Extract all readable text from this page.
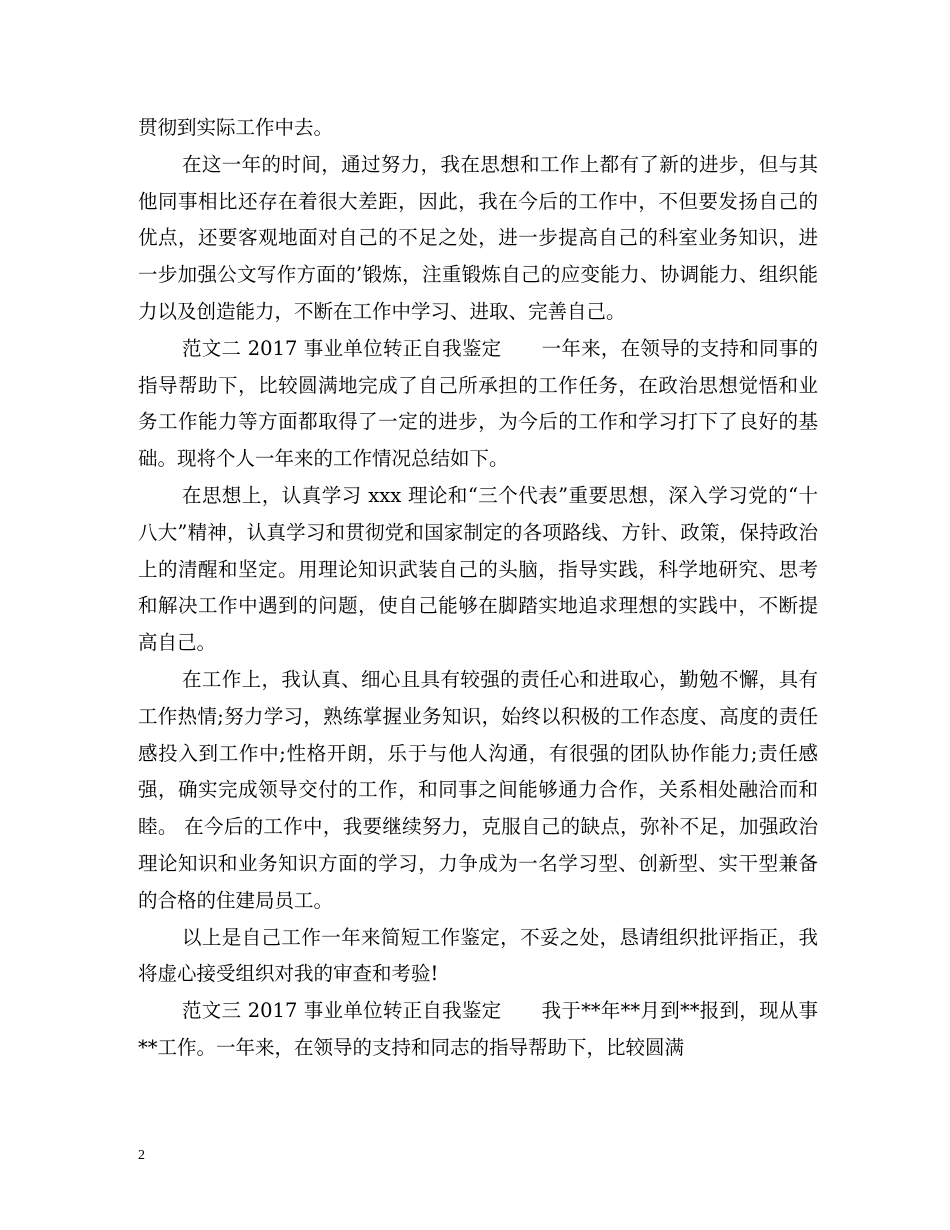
贯彻到实际工作中去。

在这一年的时间，通过努力，我在思想和工作上都有了新的进步，但与其他同事相比还存在着很大差距，因此，我在今后的工作中，不但要发扬自己的优点，还要客观地面对自己的不足之处，进一步提高自己的科室业务知识，进一步加强公文写作方面的’锻炼，注重锻炼自己的应变能力、协调能力、组织能力以及创造能力，不断在工作中学习、进取、完善自己。

范文二 2017 事业单位转正自我鉴定 一年来，在领导的支持和同事的指导帮助下，比较圆满地完成了自己所承担的工作任务，在政治思想觉悟和业务工作能力等方面都取得了一定的进步，为今后的工作和学习打下了良好的基础。现将个人一年来的工作情况总结如下。

在思想上，认真学习 xxx 理论和“三个代表”重要思想，深入学习党的“十八大”精神，认真学习和贯彻党和国家制定的各项路线、方针、政策，保持政治上的清醒和坚定。用理论知识武装自己的头脑，指导实践，科学地研究、思考和解决工作中遇到的问题，使自己能够在脚踏实地追求理想的实践中，不断提高自己。

在工作上，我认真、细心且具有较强的责任心和进取心，勤勉不懈，具有工作热情;努力学习，熟练掌握业务知识，始终以积极的工作态度、高度的责任感投入到工作中;性格开朗，乐于与他人沟通，有很强的团队协作能力;责任感强，确实完成领导交付的工作，和同事之间能够通力合作，关系相处融洽而和睦。 在今后的工作中，我要继续努力，克服自己的缺点，弥补不足，加强政治理论知识和业务知识方面的学习，力争成为一名学习型、创新型、实干型兼备的合格的住建局员工。

以上是自己工作一年来简短工作鉴定，不妥之处，恳请组织批评指正，我将虚心接受组织对我的审查和考验!

范文三 2017 事业单位转正自我鉴定 我于**年**月到**报到，现从事**工作。一年来，在领导的支持和同志的指导帮助下，比较圆满

2
